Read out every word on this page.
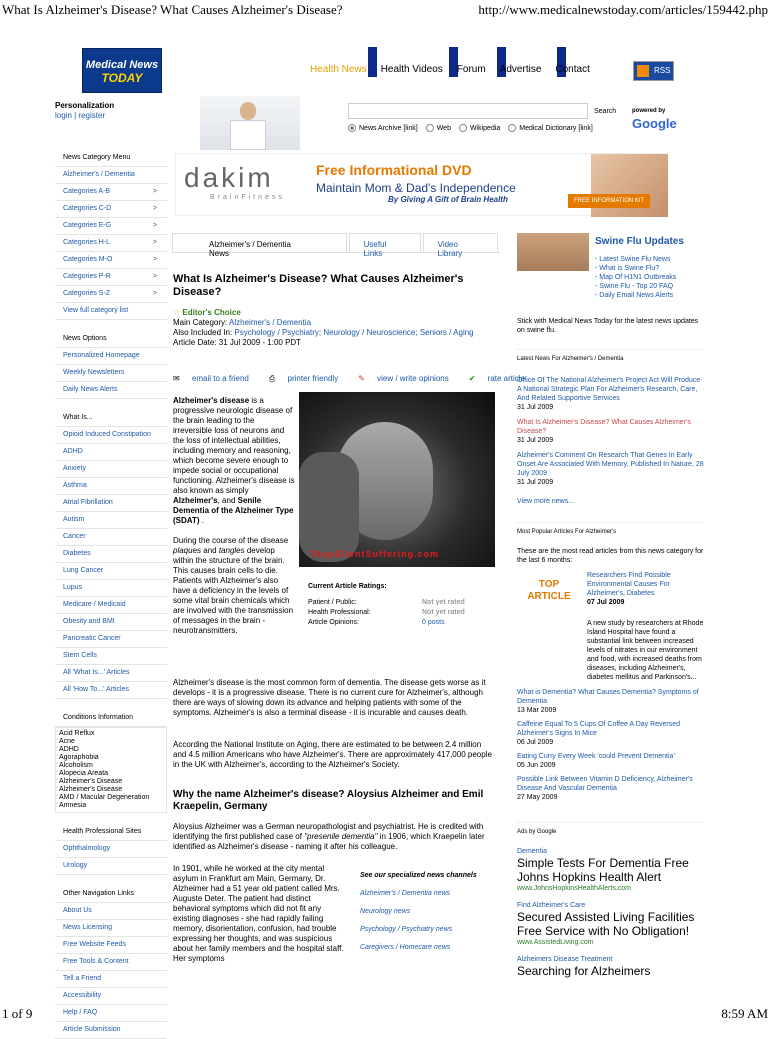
What Is Alzheimer's Disease? What Causes Alzheimer's Disease?	http://www.medicalnewstoday.com/articles/159442.php
Medical News
TODAY
Health News Health Videos Forum Advertise Contact	RSS
Personalization
login | register	Search	powered by
Google
News Archive [link]	Web	Wikipedia	Medical Dictionary [link]
News Category Menu
Alzheimer's / Dementia
Categories A-B	>
Categories C-D	>
Categories E-G	>
Categories H-L	>
Categories M-O	>
Categories P-R	>
Categories S-Z	>
View full category list
News Options
Personalized Homepage
Weekly Newsletters
Daily News Alerts
What Is...
Opioid Induced Constipation
ADHD
Anxiety
Asthma
Atrial Fibrillation
Autism
Cancer
Diabetes
Lung Cancer
Lupus
Medicare / Medicaid
Obesity and BMI
Pancreatic Cancer
Stem Cells
All 'What Is...' Articles
All 'How To...' Articles
Conditions Information
Acid Reflux
Acne
ADHD
Agoraphobia
Alcoholism
Alopecia Areata
Alzheimer's Disease
Alzheimer's Disease
AMD / Macular Degeneration
Amnesia
Health Professional Sites
Ophthalmology
Urology
Other Navigation Links
About Us
News Licensing
Free Website Feeds
Free Tools & Content
Tell a Friend
Accessibility
Help / FAQ
Article Submission
dakim
BrainFitness
Free Informational DVD
Maintain Mom & Dad's Independence
By Giving A Gift of Brain Health	FREE INFORMATION KIT
Alzheimer's / Dementia News
Useful Links
Video Library
What Is Alzheimer's Disease? What Causes Alzheimer's Disease?
☆ Editor's Choice
Main Category: Alzheimer's / Dementia
Also Included In: Psychology / Psychiatry; Neurology / Neuroscience; Seniors / Aging
Article Date: 31 Jul 2009 - 1:00 PDT
✉ email to a friend	⎙ printer friendly	✎ view / write opinions	✔ rate article
Alzheimer's disease is a progressive neurologic disease of the brain leading to the irreversible loss of neurons and the loss of intellectual abilities, including memory and reasoning, which become severe enough to impede social or occupational functioning. Alzheimer's disease is also known as simply Alzheimer's, and Senile Dementia of the Alzheimer Type (SDAT) .
During the course of the disease plaques and tangles develop within the structure of the brain. This causes brain cells to die. Patients with Alzheimer's also have a deficiency in the levels of some vital brain chemicals which are involved with the transmission of messages in the brain - neurotransmitters.
StopSilentSuffering.com
Current Article Ratings:
Patient / Public:	Not yet rated
Health Professional:	Not yet rated
Article Opinions:	0 posts
Alzheimer's disease is the most common form of dementia. The disease gets worse as it develops - it is a progressive disease. There is no current cure for Alzheimer's, although there are ways of slowing down its advance and helping patients with some of the symptoms. Alzheimer's is also a terminal disease - it is incurable and causes death.
According the National Institute on Aging, there are estimated to be between 2.4 million and 4.5 million Americans who have Alzheimer's. There are approximately 417,000 people in the UK with Alzheimer's, according to the Alzheimer's Society.
Why the name Alzheimer's disease? Aloysius Alzheimer and Emil Kraepelin, Germany
Aloysius Alzheimer was a German neuropathologist and psychiatrist. He is credited with identifying the first published case of "presenile dementia" in 1906, which Kraepelin later identified as Alzheimer's disease - naming it after his colleague.
In 1901, while he worked at the city mental asylum in Frankfurt am Main, Germany, Dr. Alzheimer had a 51 year old patient called Mrs. Auguste Deter. The patient had distinct behavioral symptoms which did not fit any existing diagnoses - she had rapidly failing memory, disorientation, confusion, had trouble expressing her thoughts, and was suspicious about her family members and the hospital staff. Her symptoms
See our specialized news channels
Alzheimer's / Dementia news
Neurology news
Psychology / Psychiatry news
Caregivers / Homecare news
Swine Flu Updates
- Latest Swine Flu News
- What is Swine Flu?
- Map Of H1N1 Outbreaks
- Swine Flu - Top 20 FAQ
- Daily Email News Alerts
Stick with Medical News Today for the latest news updates on swine flu.
Latest News For Alzheimer's / Dementia
Office Of The National Alzheimer's Project Act Will Produce A National Strategic Plan For Alzheimer's Research, Care, And Related Supportive Services
31 Jul 2009
What Is Alzheimer's Disease? What Causes Alzheimer's Disease?
31 Jul 2009
Alzheimer's Comment On Research That Genes In Early Onset Are Associated With Memory, Published In Nature, 28 July 2009
31 Jul 2009
View more news...
Most Popular Articles For Alzheimer's
These are the most read articles from this news category for the last 6 months:
TOP ARTICLE
Researchers Find Possible Environmental Causes For Alzheimer's, Diabetes
07 Jul 2009
A new study by researchers at Rhode Island Hospital have found a substantial link between increased levels of nitrates in our environment and food, with increased deaths from diseases, including Alzheimer's, diabetes mellitus and Parkinson's...
What is Dementia? What Causes Dementia? Symptoms of Dementia
13 Mar 2009
Caffeine Equal To 5 Cups Of Coffee A Day Reversed Alzheimer's Signs In Mice
06 Jul 2009
Eating Curry Every Week 'could Prevent Dementia'
05 Jun 2009
Possible Link Between Vitamin D Deficiency, Alzheimer's Disease And Vascular Dementia
27 May 2009
Ads by Google
Dementia
Simple Tests For Dementia Free Johns Hopkins Health Alert
www.JohnsHopkinsHealthAlerts.com
Find Alzheimer's Care
Secured Assisted Living Facilities Free Service with No Obligation!
www.AssistedLiving.com
Alzheimers Disease Treatment
Searching for Alzheimers
1 of 9	8:59 AM
